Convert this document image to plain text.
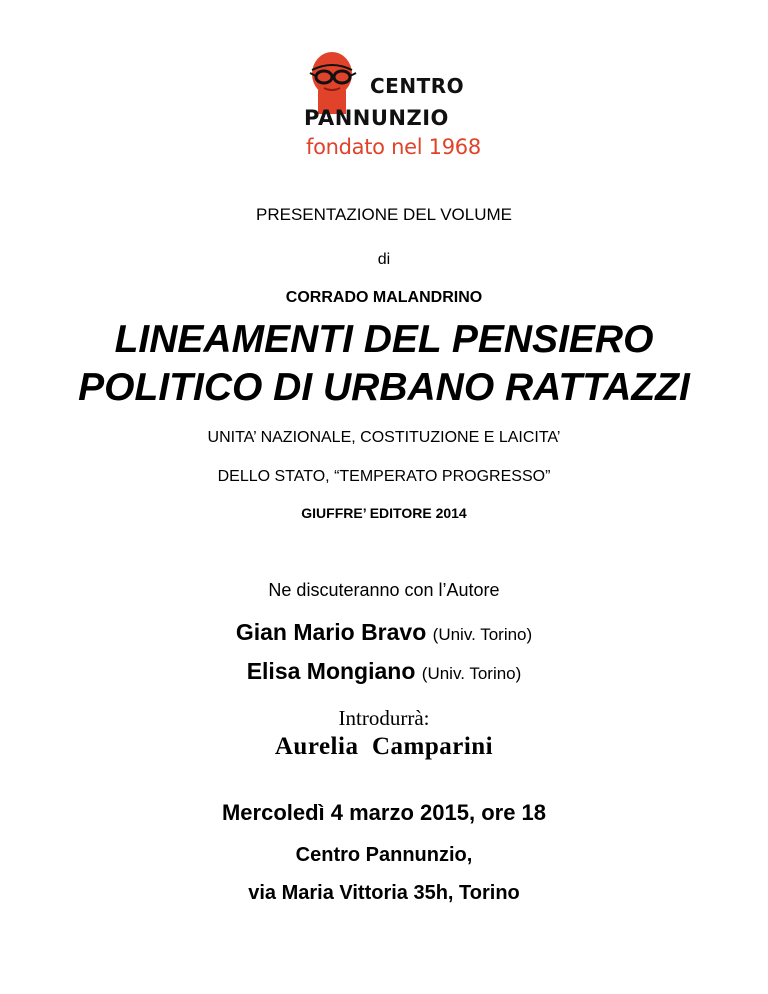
CENTRO
PANNUNZIO
fondato nel 1968
PRESENTAZIONE DEL VOLUME
di
CORRADO MALANDRINO
LINEAMENTI DEL PENSIERO
POLITICO DI URBANO RATTAZZI
UNITA’ NAZIONALE, COSTITUZIONE E LAICITA’
DELLO STATO, “TEMPERATO PROGRESSO”
GIUFFRE’ EDITORE 2014
Ne discuteranno con l’Autore
Gian Mario Bravo (Univ. Torino)
Elisa Mongiano (Univ. Torino)
Introdurrà:
Aurelia  Camparini
Mercoledì 4 marzo 2015, ore 18
Centro Pannunzio,
via Maria Vittoria 35h, Torino
